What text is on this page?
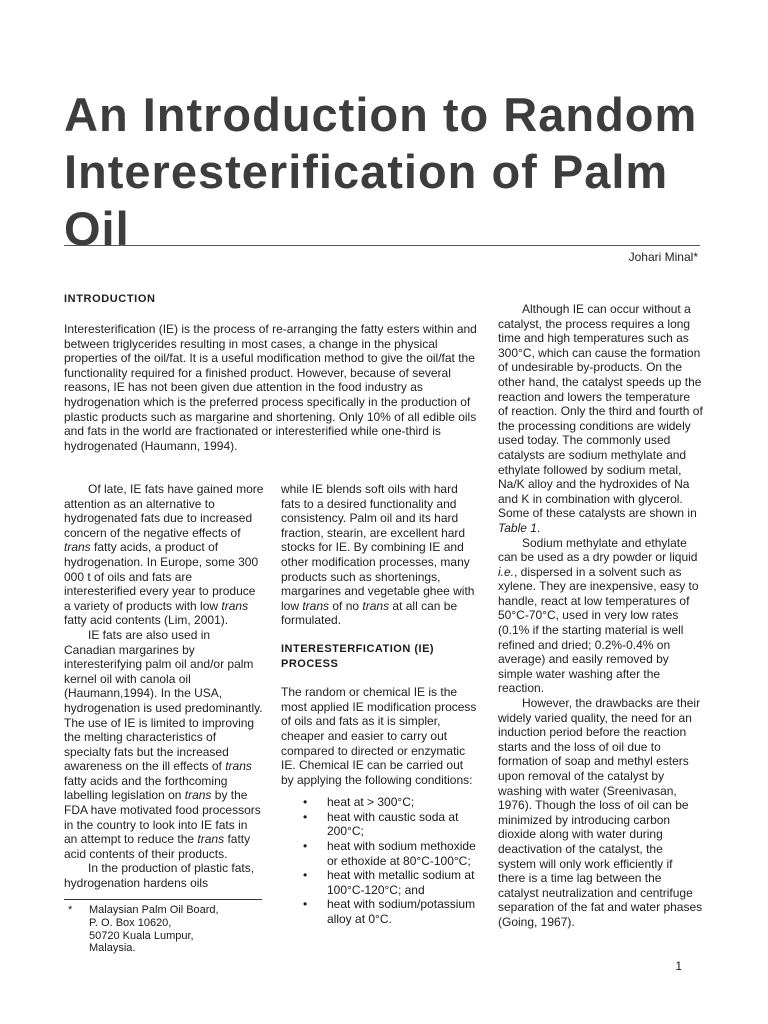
An Introduction to Random Interesterification of Palm Oil
Johari Minal*
INTRODUCTION

Interesterification (IE) is the process of re-arranging the fatty esters within and between triglycerides resulting in most cases, a change in the physical properties of the oil/fat. It is a useful modification method to give the oil/fat the functionality required for a finished product. However, because of several reasons, IE has not been given due attention in the food industry as hydrogenation which is the preferred process specifically in the production of plastic products such as margarine and shortening. Only 10% of all edible oils and fats in the world are fractionated or interesterified while one-third is hydrogenated (Haumann, 1994).

Of late, IE fats have gained more attention as an alternative to hydrogenated fats due to increased concern of the negative effects of trans fatty acids, a product of hydrogenation. In Europe, some 300 000 t of oils and fats are interesterified every year to produce a variety of products with low trans fatty acid contents (Lim, 2001).

IE fats are also used in Canadian margarines by interesterifying palm oil and/or palm kernel oil with canola oil (Haumann,1994). In the USA, hydrogenation is used predominantly. The use of IE is limited to improving the melting characteristics of specialty fats but the increased awareness on the ill effects of trans fatty acids and the forthcoming labelling legislation on trans by the FDA have motivated food processors in the country to look into IE fats in an attempt to reduce the trans fatty acid contents of their products.

In the production of plastic fats, hydrogenation hardens oils

while IE blends soft oils with hard fats to a desired functionality and consistency. Palm oil and its hard fraction, stearin, are excellent hard stocks for IE. By combining IE and other modification processes, many products such as shortenings, margarines and vegetable ghee with low trans of no trans at all can be formulated.

INTERESTERFICATION (IE) PROCESS

The random or chemical IE is the most applied IE modification process of oils and fats as it is simpler, cheaper and easier to carry out compared to directed or enzymatic IE. Chemical IE can be carried out by applying the following conditions:

• heat at > 300°C;
• heat with caustic soda at 200°C;
• heat with sodium methoxide or ethoxide at 80°C-100°C;
• heat with metallic sodium at 100°C-120°C; and
• heat with sodium/potassium alloy at 0°C.

Although IE can occur without a catalyst, the process requires a long time and high temperatures such as 300°C, which can cause the formation of undesirable by-products. On the other hand, the catalyst speeds up the reaction and lowers the temperature of reaction. Only the third and fourth of the processing conditions are widely used today. The commonly used catalysts are sodium methylate and ethylate followed by sodium metal, Na/K alloy and the hydroxides of Na and K in combination with glycerol. Some of these catalysts are shown in Table 1.

Sodium methylate and ethylate can be used as a dry powder or liquid i.e., dispersed in a solvent such as xylene. They are inexpensive, easy to handle, react at low temperatures of 50°C-70°C, used in very low rates (0.1% if the starting material is well refined and dried; 0.2%-0.4% on average) and easily removed by simple water washing after the reaction.

However, the drawbacks are their widely varied quality, the need for an induction period before the reaction starts and the loss of oil due to formation of soap and methyl esters upon removal of the catalyst by washing with water (Sreenivasan, 1976). Though the loss of oil can be minimized by introducing carbon dioxide along with water during deactivation of the catalyst, the system will only work efficiently if there is a time lag between the catalyst neutralization and centrifuge separation of the fat and water phases (Going, 1967).

* Malaysian Palm Oil Board,
P. O. Box 10620,
50720 Kuala Lumpur,
Malaysia.
1
